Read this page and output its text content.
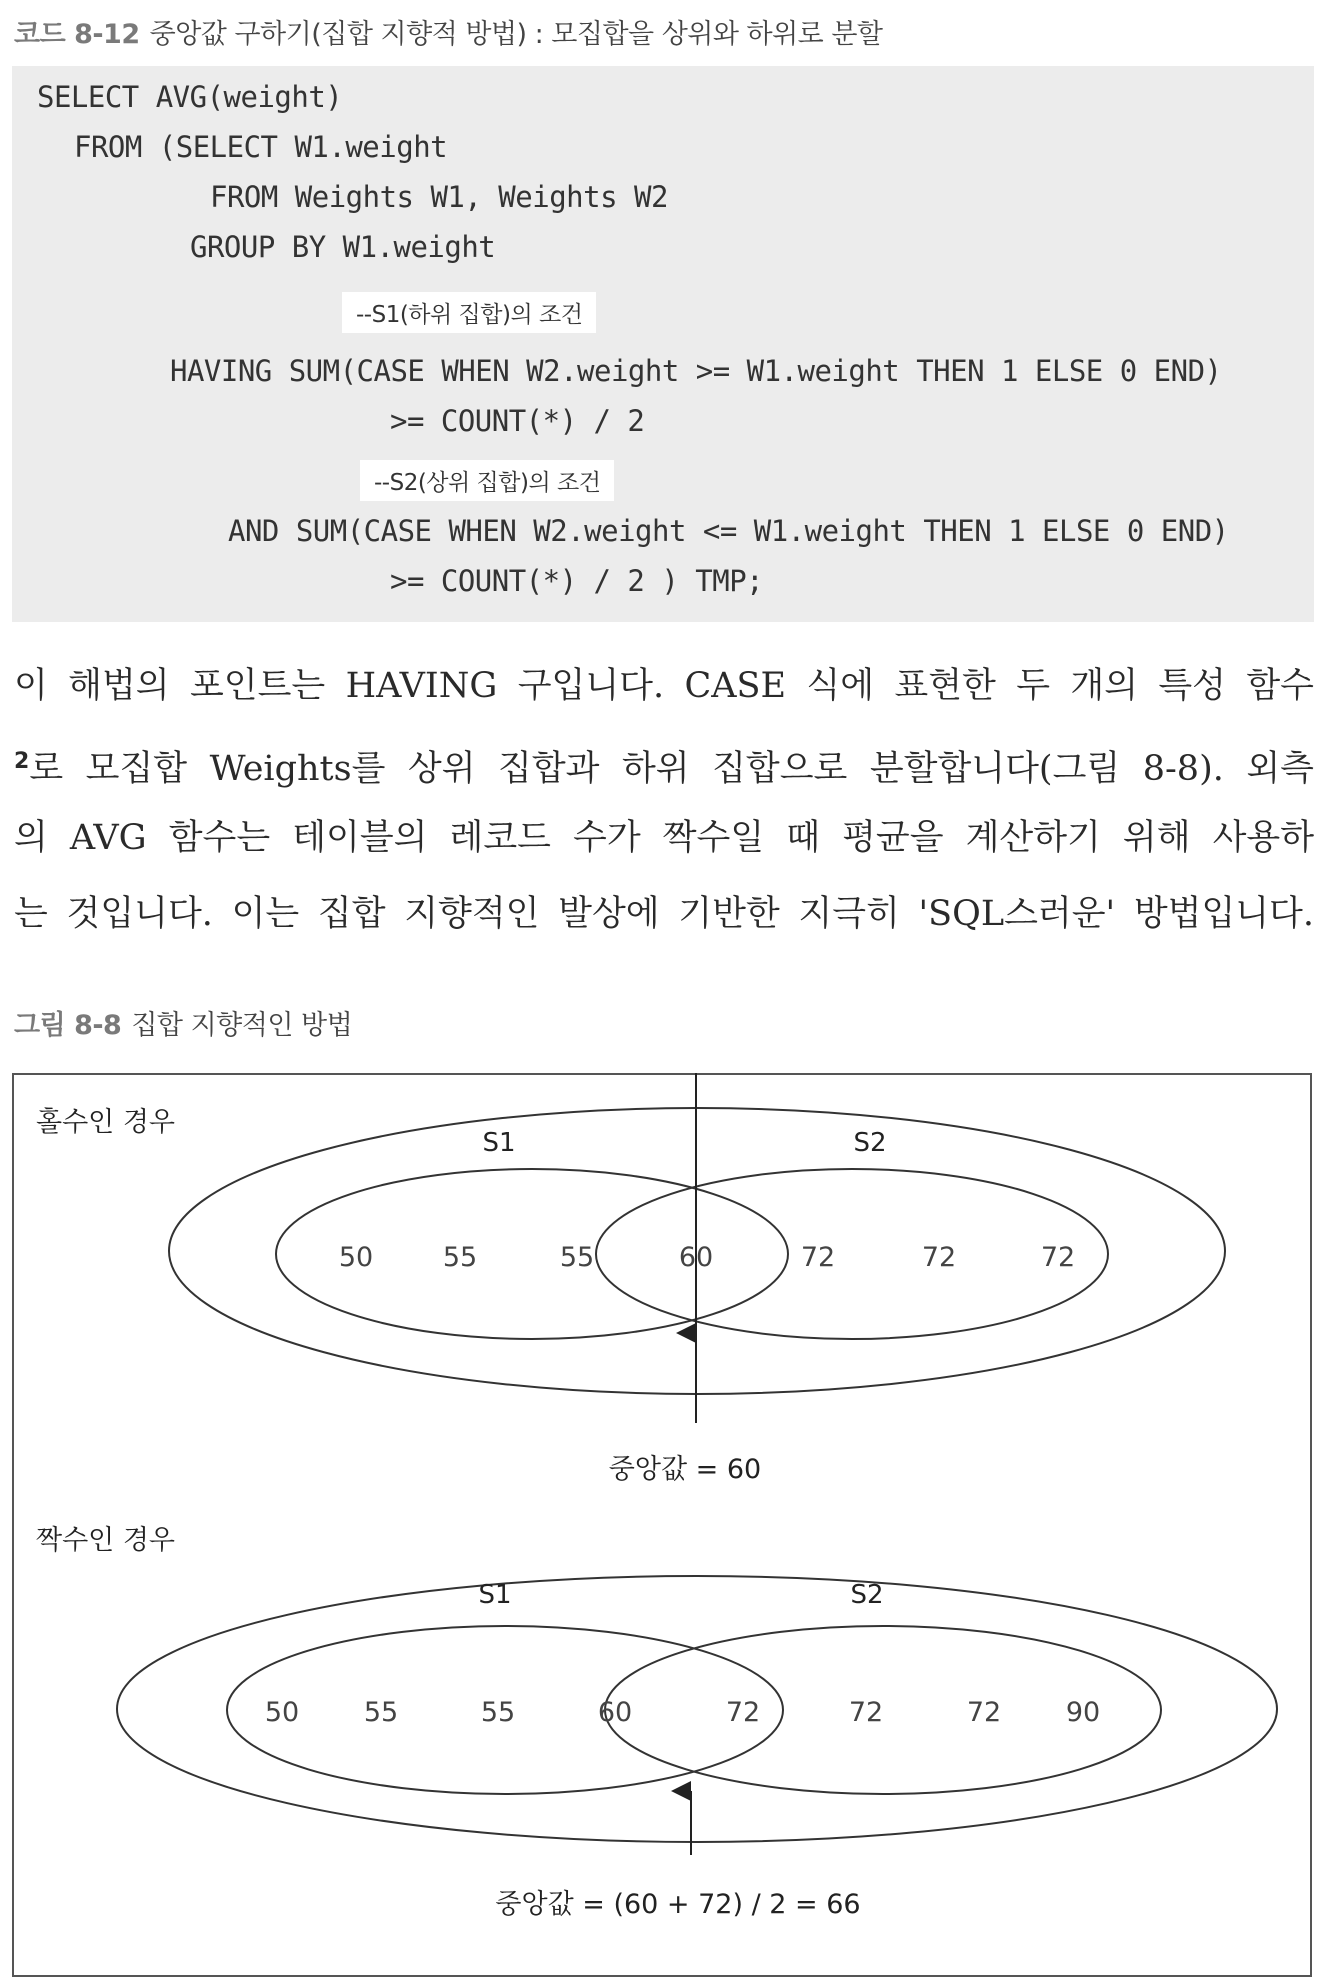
코드 8-12 중앙값 구하기(집합 지향적 방법) : 모집합을 상위와 하위로 분할
SELECT AVG(weight)
FROM (SELECT W1.weight
FROM Weights W1, Weights W2
GROUP BY W1.weight
--S1(하위 집합)의 조건
HAVING SUM(CASE WHEN W2.weight >= W1.weight THEN 1 ELSE 0 END)
>= COUNT(*) / 2
--S2(상위 집합)의 조건
AND SUM(CASE WHEN W2.weight <= W1.weight THEN 1 ELSE 0 END)
>= COUNT(*) / 2 ) TMP;
이 해법의 포인트는 HAVING 구입니다. CASE 식에 표현한 두 개의 특성 함수
$^2$로 모집합 Weights를 상위 집합과 하위 집합으로 분할합니다(그림 8-8). 외측
의 AVG 함수는 테이블의 레코드 수가 짝수일 때 평균을 계산하기 위해 사용하
는 것입니다. 이는 집합 지향적인 발상에 기반한 지극히 'SQL스러운' 방법입니다.
그림 8-8 집합 지향적인 방법
홀수인 경우
S1	S2
50	55	55	60	72	72	72
중앙값 = 60
짝수인 경우
S1	S2
50 55	55	60	72	72	72 90
중앙값 = (60 + 72) / 2 = 66
